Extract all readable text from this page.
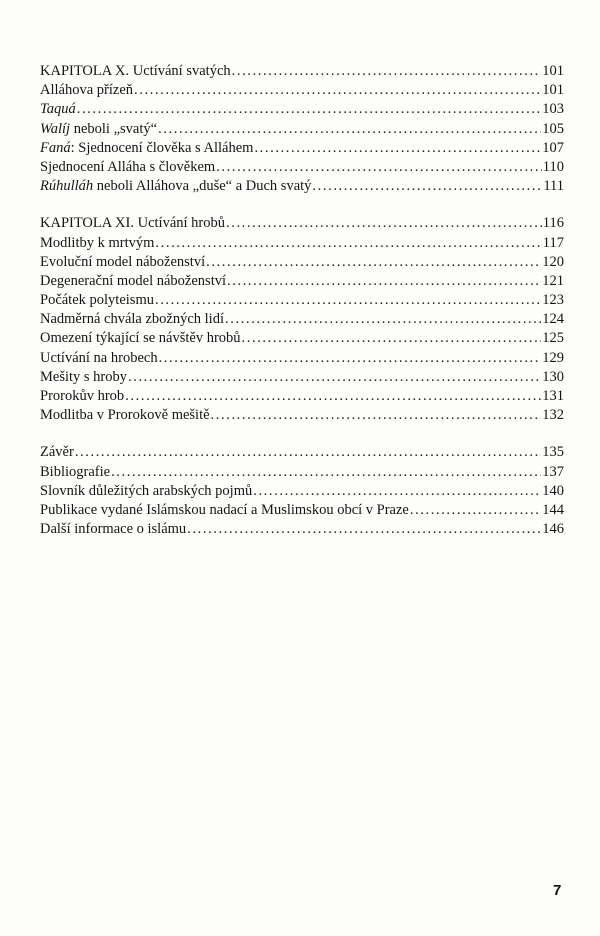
KAPITOLA X. Uctívání svatých .....	101
Alláhova přízeň .....	101
Taquá .....	103
Walíj neboli „svatý“ .....	105
Faná: Sjednocení člověka s Alláhem .....	107
Sjednocení Alláha s člověkem .....	110
Rúhulláh neboli Alláhova „duše“ a Duch svatý .....	111
KAPITOLA XI. Uctívání hrobů .....	116
Modlitby k mrtvým .....	117
Evoluční model náboženství .....	120
Degenerační model náboženství .....	121
Počátek polyteismu .....	123
Nadměrná chvála zbožných lidí .....	124
Omezení týkající se návštěv hrobů .....	125
Uctívání na hrobech .....	129
Mešity s hroby .....	130
Prorokův hrob .....	131
Modlitba v Prorokově mešitě .....	132
Závěr .....	135
Bibliografie .....	137
Slovník důležitých arabských pojmů .....	140
Publikace vydané Islámskou nadací a Muslimskou obcí v Praze .....	144
Další informace o islámu .....	146
7
